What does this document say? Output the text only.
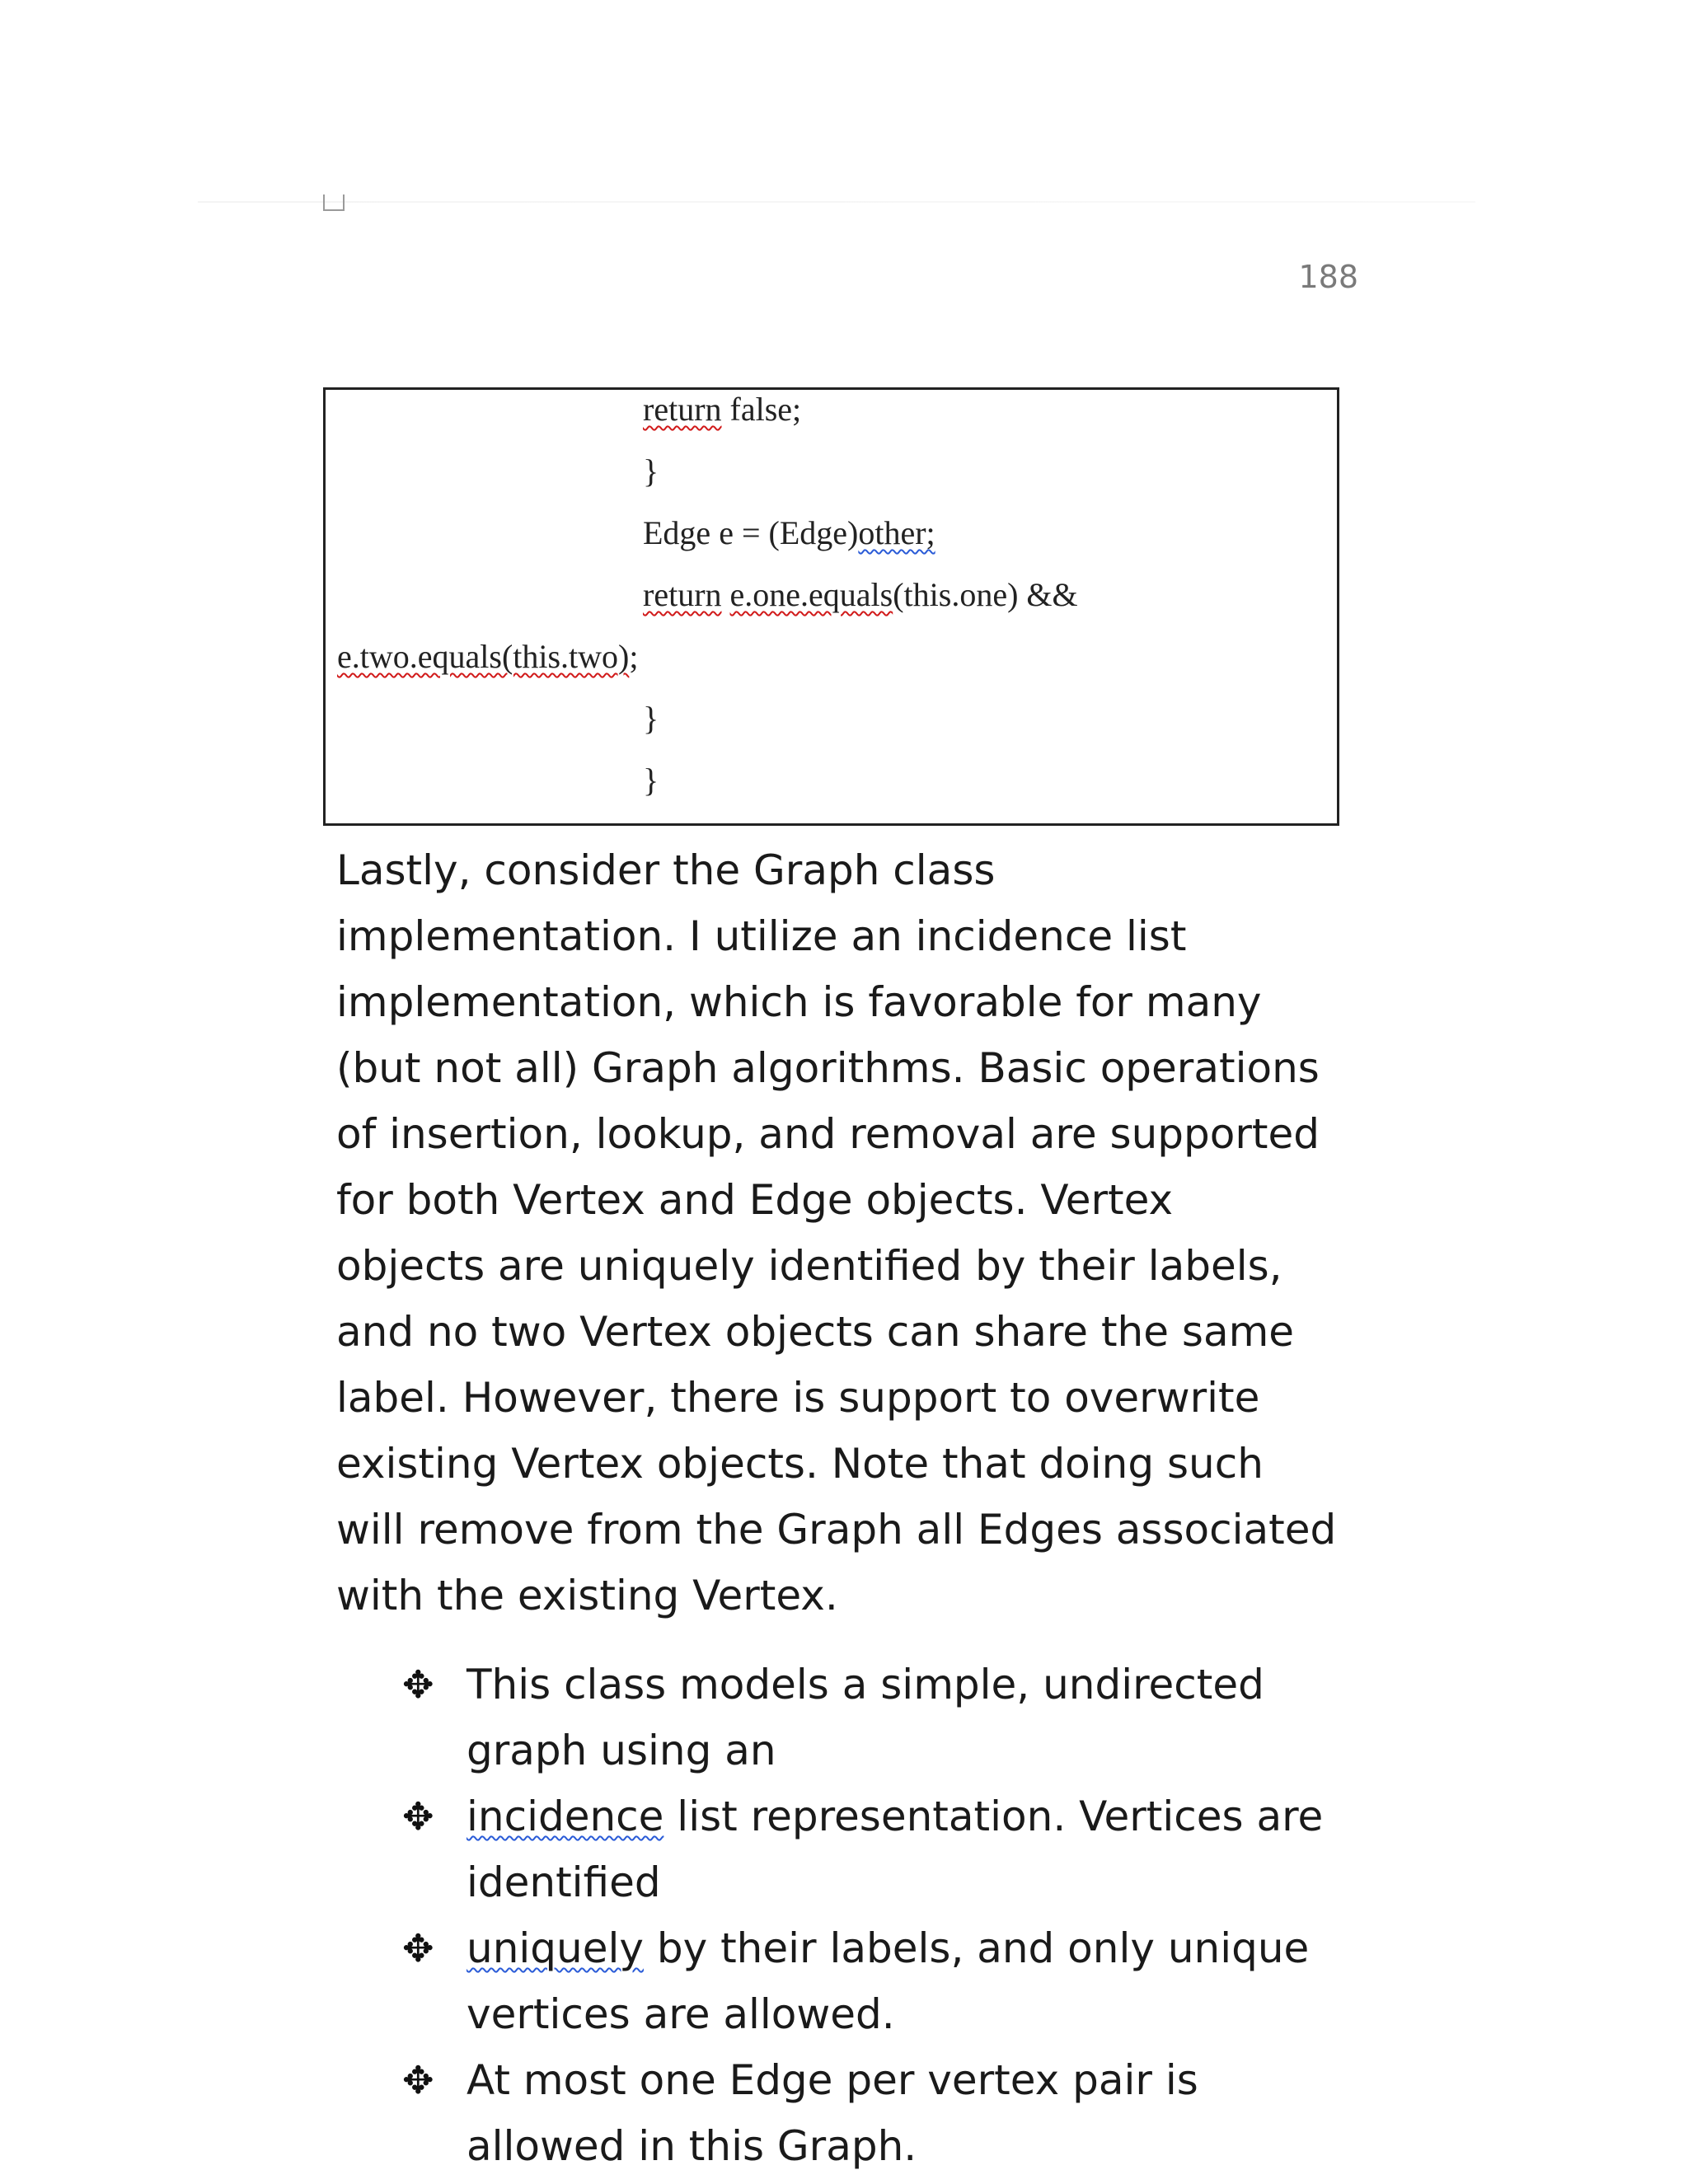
188
return false;
}
Edge e = (Edge)other;
return e.one.equals(this.one) &&
e.two.equals(this.two);
}
}

Lastly, consider the Graph class
implementation. I utilize an incidence list
implementation, which is favorable for many
(but not all) Graph algorithms. Basic operations
of insertion, lookup, and removal are supported
for both Vertex and Edge objects. Vertex
objects are uniquely identified by their labels,
and no two Vertex objects can share the same
label. However, there is support to overwrite
existing Vertex objects. Note that doing such
will remove from the Graph all Edges associated
with the existing Vertex.

✥ This class models a simple, undirected
graph using an
✥ incidence list representation. Vertices are
identified
✥ uniquely by their labels, and only unique
vertices are allowed.
✥ At most one Edge per vertex pair is
allowed in this Graph.
